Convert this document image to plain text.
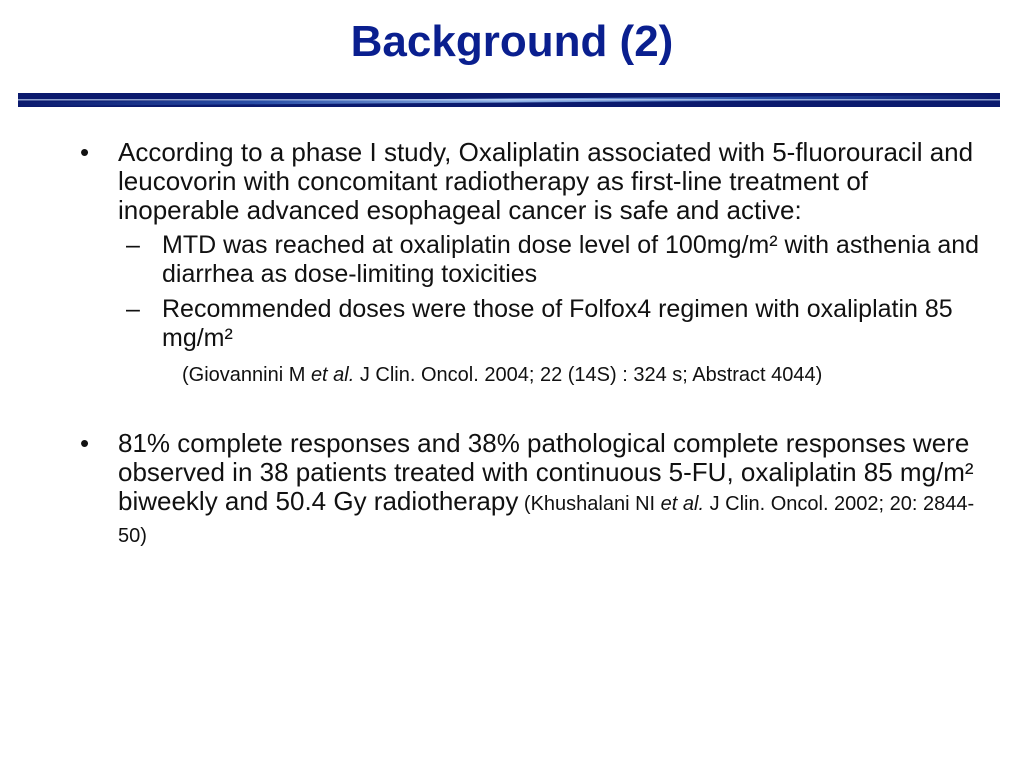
Background (2)
• According to a phase I study, Oxaliplatin associated with 5-fluorouracil and leucovorin with concomitant radiotherapy as first-line treatment of inoperable advanced esophageal cancer is safe and active:
– MTD was reached at oxaliplatin dose level of 100mg/m² with asthenia and diarrhea as dose-limiting toxicities
– Recommended doses were those of Folfox4 regimen with oxaliplatin 85 mg/m²
(Giovannini M et al. J Clin. Oncol. 2004; 22 (14S) : 324 s; Abstract 4044)
• 81% complete responses and 38% pathological complete responses were observed in 38 patients treated with continuous 5-FU, oxaliplatin 85 mg/m² biweekly and 50.4 Gy radiotherapy (Khushalani NI et al. J Clin. Oncol. 2002; 20: 2844-50)
